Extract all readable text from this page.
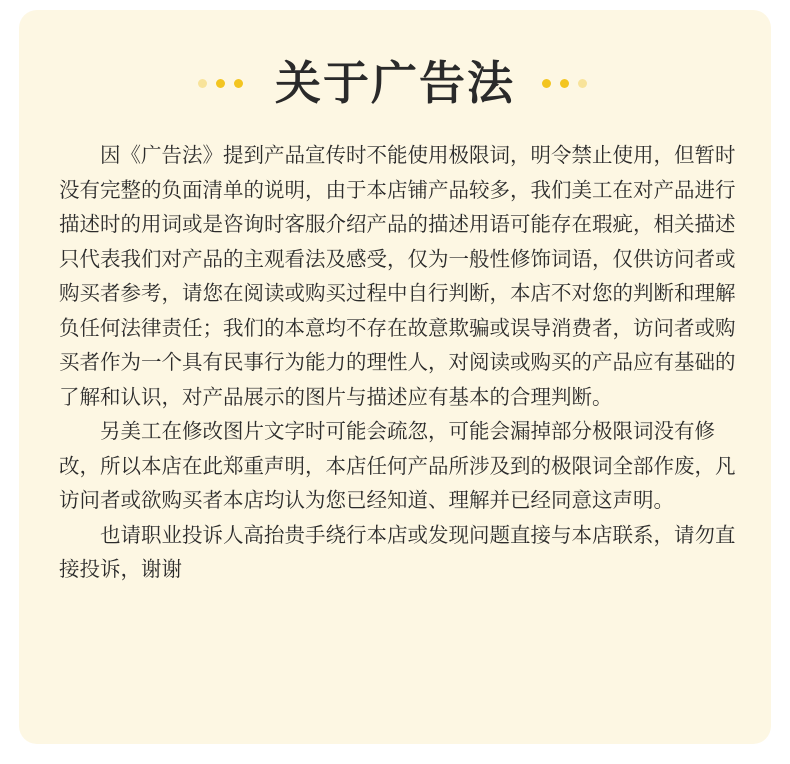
关于广告法

因《广告法》提到产品宣传时不能使用极限词，明令禁止使用，但暂时没有完整的负面清单的说明，由于本店铺产品较多，我们美工在对产品进行描述时的用词或是咨询时客服介绍产品的描述用语可能存在瑕疵，相关描述只代表我们对产品的主观看法及感受，仅为一般性修饰词语，仅供访问者或购买者参考，请您在阅读或购买过程中自行判断，本店不对您的判断和理解负任何法律责任；我们的本意均不存在故意欺骗或误导消费者，访问者或购买者作为一个具有民事行为能力的理性人，对阅读或购买的产品应有基础的了解和认识，对产品展示的图片与描述应有基本的合理判断。

另美工在修改图片文字时可能会疏忽，可能会漏掉部分极限词没有修改，所以本店在此郑重声明，本店任何产品所涉及到的极限词全部作废，凡访问者或欲购买者本店均认为您已经知道、理解并已经同意这声明。

也请职业投诉人高抬贵手绕行本店或发现问题直接与本店联系，请勿直接投诉，谢谢
